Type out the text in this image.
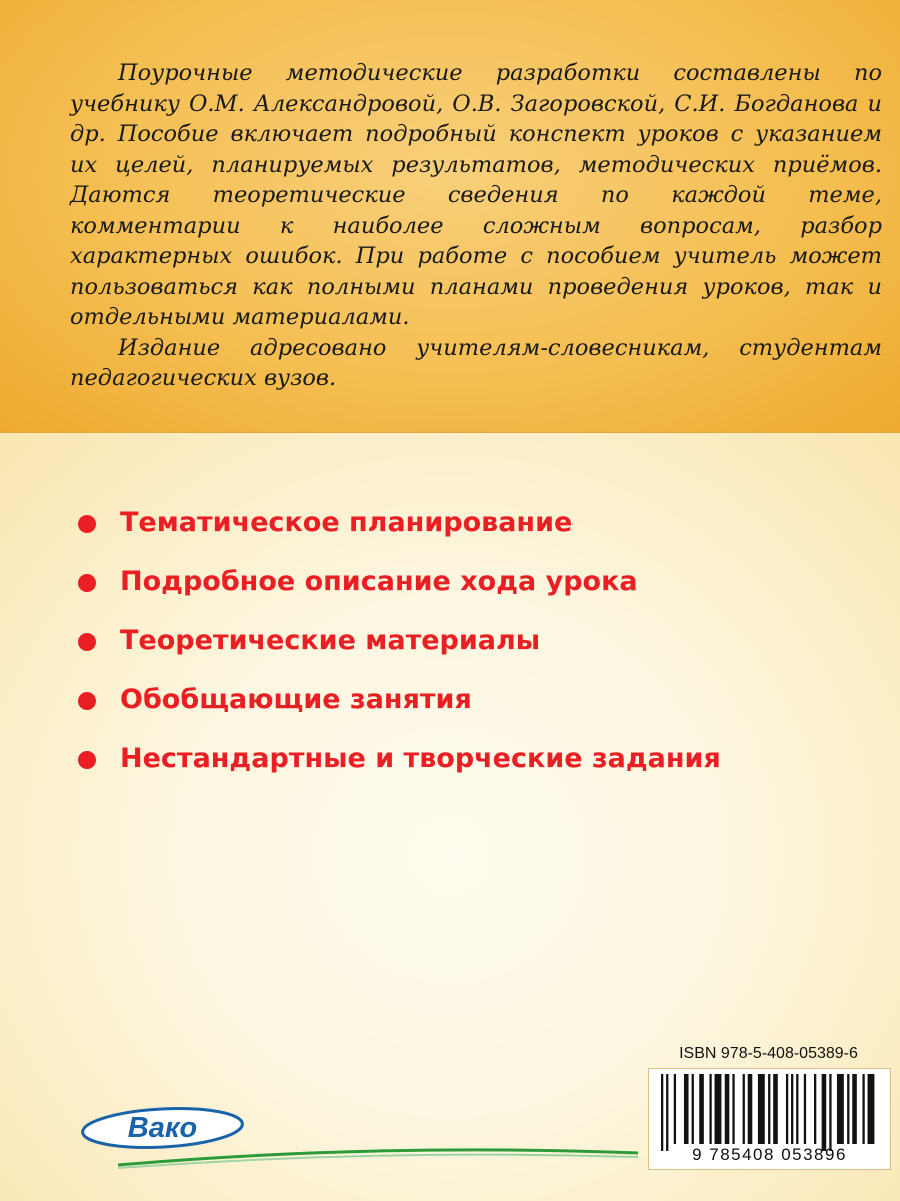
Поурочные методические разработки составлены по учебнику О.М. Александровой, О.В. Загоровской, С.И. Богданова и др. Пособие включает подробный конспект уроков с указанием их целей, планируемых результатов, методических приёмов. Даются теоретические сведения по каждой теме, комментарии к наиболее сложным вопросам, разбор характерных ошибок. При работе с пособием учитель может пользоваться как полными планами проведения уроков, так и отдельными материалами.

Издание адресовано учителям-словесникам, студентам педагогических вузов.

Тематическое планирование
Подробное описание хода урока
Теоретические материалы
Обобщающие занятия
Нестандартные и творческие задания
ISBN 978-5-408-05389-6
9 785408 053896
Вако
